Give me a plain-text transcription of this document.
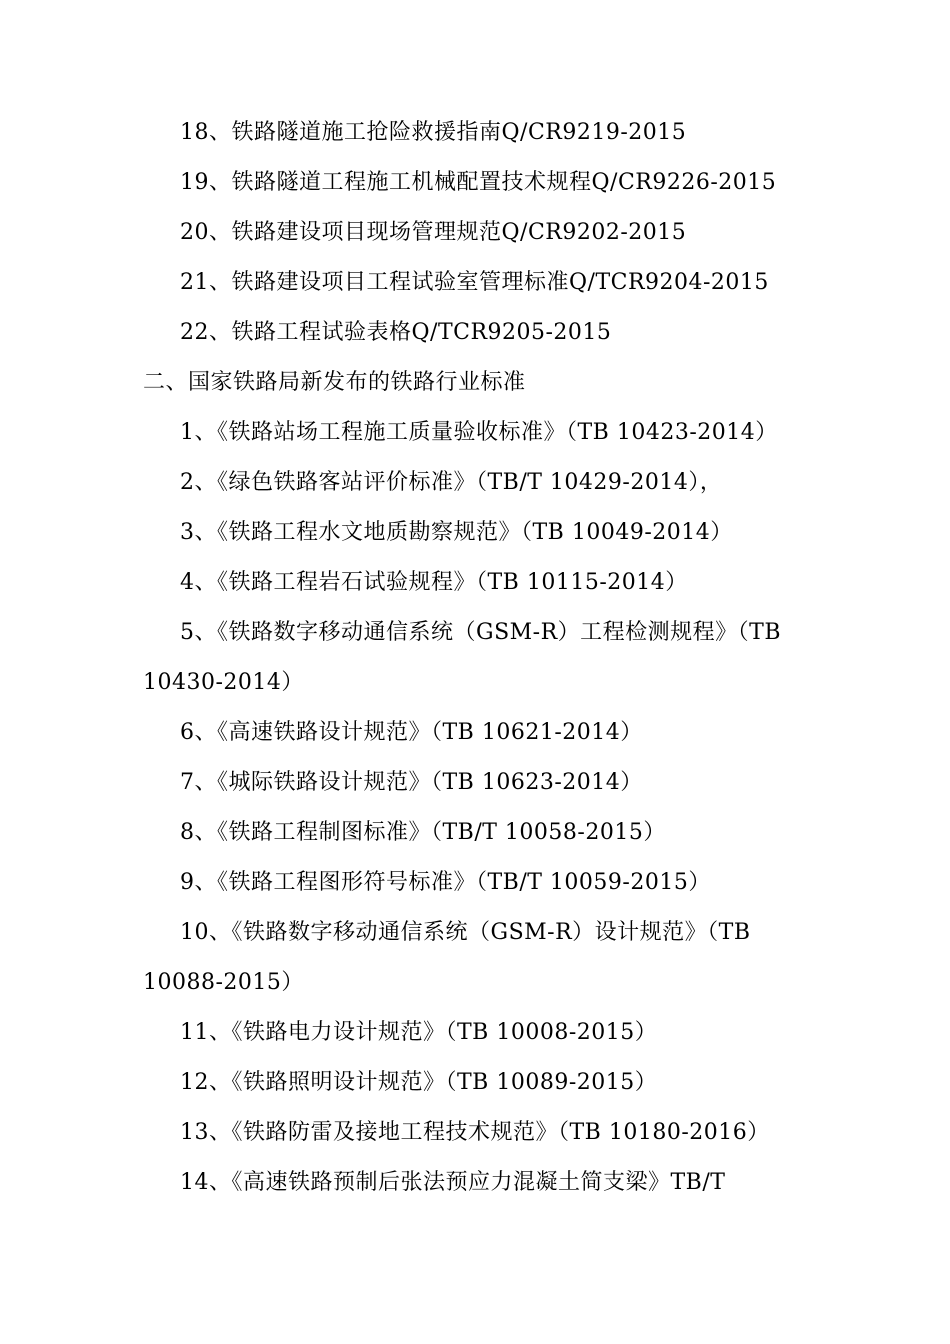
18、铁路隧道施工抢险救援指南Q/CR9219-2015
19、铁路隧道工程施工机械配置技术规程Q/CR9226-2015
20、铁路建设项目现场管理规范Q/CR9202-2015
21、铁路建设项目工程试验室管理标准Q/TCR9204-2015
22、铁路工程试验表格Q/TCR9205-2015
二、国家铁路局新发布的铁路行业标准
1、《铁路站场工程施工质量验收标准》（TB 10423-2014）
2、《绿色铁路客站评价标准》（TB/T 10429-2014），
3、《铁路工程水文地质勘察规范》（TB 10049-2014）
4、《铁路工程岩石试验规程》（TB 10115-2014）
5、《铁路数字移动通信系统（GSM-R）工程检测规程》（TB
10430-2014）
6、《高速铁路设计规范》（TB 10621-2014）
7、《城际铁路设计规范》（TB 10623-2014）
8、《铁路工程制图标准》（TB/T 10058-2015）
9、《铁路工程图形符号标准》（TB/T 10059-2015）
10、《铁路数字移动通信系统（GSM-R）设计规范》（TB
10088-2015）
11、《铁路电力设计规范》（TB 10008-2015）
12、《铁路照明设计规范》（TB 10089-2015）
13、《铁路防雷及接地工程技术规范》（TB 10180-2016）
14、《高速铁路预制后张法预应力混凝土简支梁》TB/T
